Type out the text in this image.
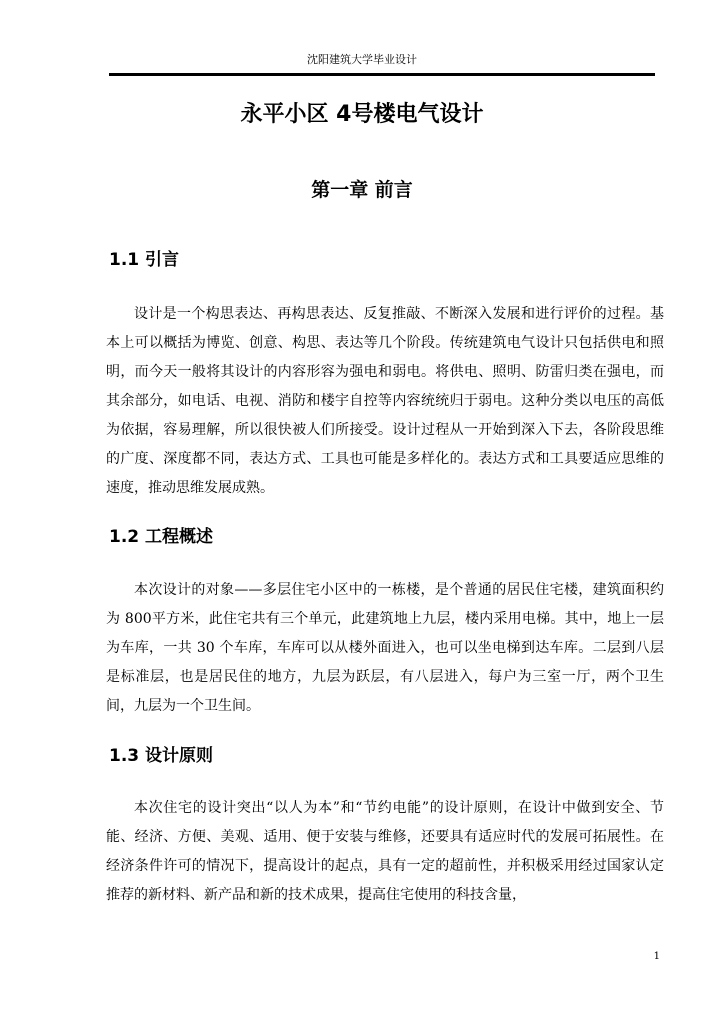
沈阳建筑大学毕业设计
永平小区 4号楼电气设计
第一章 前言
1.1 引言
设计是一个构思表达、再构思表达、反复推敲、不断深入发展和进行评价的过程。基本上可以概括为博览、创意、构思、表达等几个阶段。传统建筑电气设计只包括供电和照明，而今天一般将其设计的内容形容为强电和弱电。将供电、照明、防雷归类在强电，而其余部分，如电话、电视、消防和楼宇自控等内容统统归于弱电。这种分类以电压的高低为依据，容易理解，所以很快被人们所接受。设计过程从一开始到深入下去，各阶段思维的广度、深度都不同，表达方式、工具也可能是多样化的。表达方式和工具要适应思维的速度，推动思维发展成熟。
1.2 工程概述
本次设计的对象——多层住宅小区中的一栋楼，是个普通的居民住宅楼，建筑面积约为 800平方米，此住宅共有三个单元，此建筑地上九层，楼内采用电梯。其中，地上一层为车库，一共 30 个车库，车库可以从楼外面进入，也可以坐电梯到达车库。二层到八层是标准层，也是居民住的地方，九层为跃层，有八层进入，每户为三室一厅，两个卫生间，九层为一个卫生间。
1.3 设计原则
本次住宅的设计突出“以人为本”和“节约电能”的设计原则，在设计中做到安全、节能、经济、方便、美观、适用、便于安装与维修，还要具有适应时代的发展可拓展性。在经济条件许可的情况下，提高设计的起点，具有一定的超前性，并积极采用经过国家认定推荐的新材料、新产品和新的技术成果，提高住宅使用的科技含量，
1
